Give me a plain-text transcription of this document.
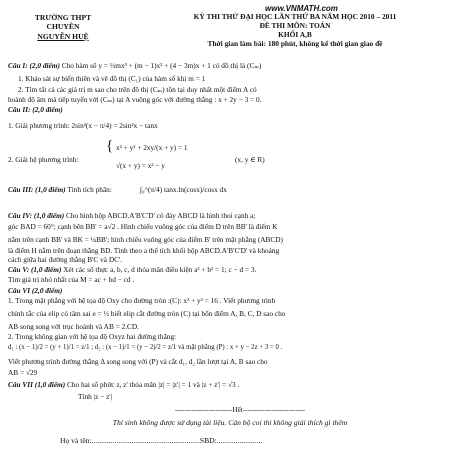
www.VNMATH.com
TRƯỜNG THPT
CHUYÊN
NGUYỄN HUỆ
KỲ THI THỬ ĐẠI HỌC LẦN THỨ BA NĂM HỌC 2010 – 2011
ĐỀ THI MÔN: TOÁN
KHỐI A,B
Thời gian làm bài: 180 phút, không kể thời gian giao đề
Câu I: (2,0 điểm) Cho hàm số y = ⅓mx³ + (m − 1)x² + (4 − 3m)x + 1 có đồ thị là (Cₘ)
1. Khảo sát sự biến thiên và vẽ đồ thị (C₁) của hàm số khi m = 1
2. Tìm tất cả các giá trị m sao cho trên đồ thị (Cₘ) tồn tại duy nhất một điểm A có
hoành độ âm mà tiếp tuyến với (Cₘ) tại A vuông góc với đường thẳng : x + 2y − 3 = 0.
Câu II: (2,0 điểm)
1. Giải phương trình: 2sin²(x − π/4) = 2sin²x − tanx
2. Giải hệ phương trình:
{ x² + y² + 2xy/(x + y) = 1
√(x + y) = x² − y
(x, y ∈ R)
Câu III: (1,0 điểm) Tính tích phân:	∫₀^(π/4) tanx.ln(cosx)/cosx dx
Câu IV: (1,0 điểm) Cho hình hộp ABCD.A'B'C'D' có đáy ABCD là hình thoi cạnh a;
góc BAD = 60°; cạnh bên BB' = a√2 . Hình chiếu vuông góc của điểm D trên BB' là điểm K
nằm trên cạnh BB' và BK = ¼BB'; hình chiếu vuông góc của điểm B' trên mặt phẳng (ABCD)
là điểm H nằm trên đoạn thẳng BD. Tính theo a thể tích khối hộp ABCD.A'B'C'D' và khoảng
cách giữa hai đường thẳng B'C và DC'.
Câu V: (1,0 điểm) Xét các số thực a, b, c, d thỏa mãn điều kiện a² + b² = 1; c − d = 3.
Tìm giá trị nhỏ nhất của M = ac + bd − cd .
Câu VI (2,0 điểm)
1. Trong mặt phẳng với hệ tọa độ Oxy cho đường tròn :(C): x² + y² = 16 . Viết phương trình
chính tắc của elip có tâm sai e = ½ biết elip cắt đường tròn (C) tại bốn điểm A, B, C, D sao cho
AB song song với trục hoành và AB = 2.CD.
2. Trong không gian với hệ tọa độ Oxyz hai đường thẳng:
d₁ : (x − 1)/2 = (y + 1)/1 = z/1 ; d₂ : (x − 1)/1 = (y − 2)/2 = z/1 và mặt phẳng (P) : x + y − 2z + 3 = 0 .
Viết phương trình đường thẳng Δ song song với (P) và cắt d₁, d₂ lần lượt tại A, B sao cho
AB = √29
Câu VII (1,0 điểm) Cho hai số phức z, z' thỏa mãn |z| = |z'| = 1 và |z + z'| = √3 .
Tính |z − z'|
------------------------Hết--------------------------
Thí sinh không được sử dụng tài liệu. Cán bộ coi thi không giải thích gì thêm
Họ và tên:.........................................................SBD:........................
